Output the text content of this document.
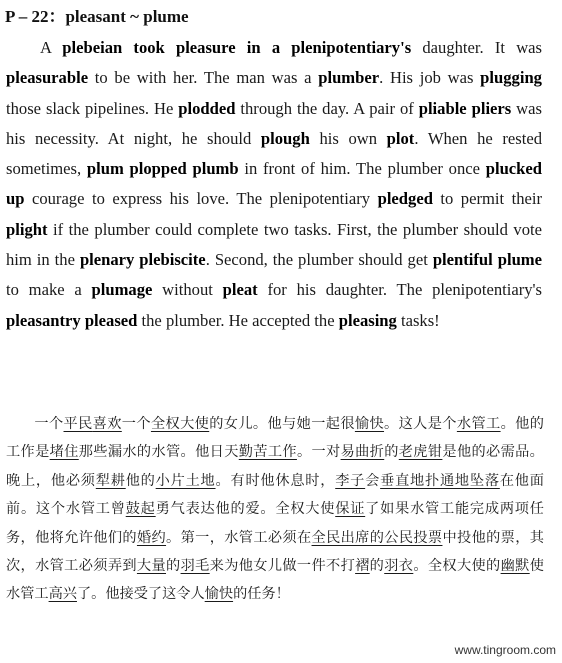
P – 22：pleasant ~ plume

A plebeian took pleasure in a plenipotentiary's daughter. It was pleasurable to be with her. The man was a plumber. His job was plugging those slack pipelines. He plodded through the day. A pair of pliable pliers was his necessity. At night, he should plough his own plot. When he rested sometimes, plum plopped plumb in front of him. The plumber once plucked up courage to express his love. The plenipotentiary pledged to permit their plight if the plumber could complete two tasks. First, the plumber should vote him in the plenary plebiscite. Second, the plumber should get plentiful plume to make a plumage without pleat for his daughter. The plenipotentiary's pleasantry pleased the plumber. He accepted the pleasing tasks!

一个平民喜欢一个全权大使的女儿。他与她一起很愉快。这人是个水管工。他的工作是堵住那些漏水的水管。他日天勤苦工作。一对易曲折的老虎钳是他的必需品。晚上，他必须犁耕他的小片土地。有时他休息时，李子会垂直地扑通地坠落在他面前。这个水管工曾鼓起勇气表达他的爱。全权大使保证了如果水管工能完成两项任务，他将允许他们的婚约。第一，水管工必须在全民出席的公民投票中投他的票，其次，水管工必须弄到大量的羽毛来为他女儿做一件不打褶的羽衣。全权大使的幽默使水管工高兴了。他接受了这令人愉快的任务！

www.tingroom.com
